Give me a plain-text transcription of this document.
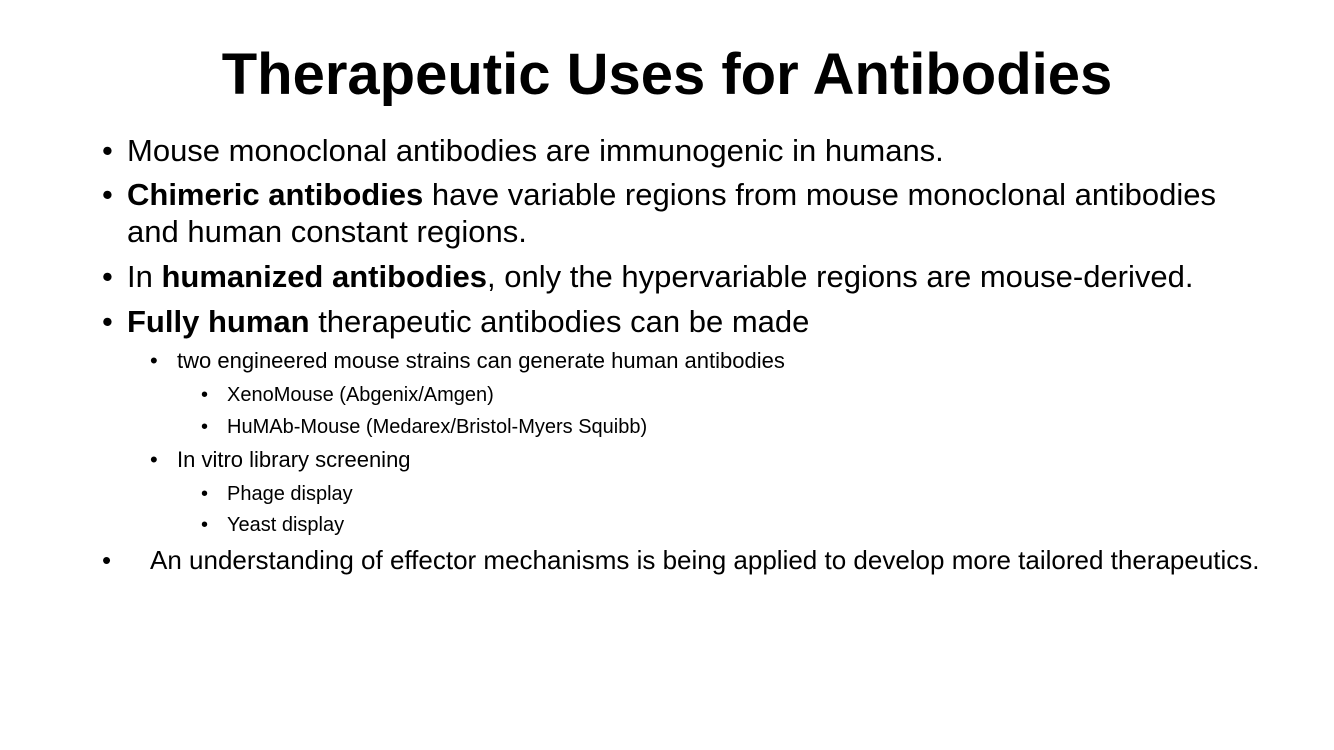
Therapeutic Uses for Antibodies
• Mouse monoclonal antibodies are immunogenic in humans.
• Chimeric antibodies have variable regions from mouse monoclonal antibodies and human constant regions.
• In humanized antibodies, only the hypervariable regions are mouse-derived.
• Fully human therapeutic antibodies can be made
• two engineered mouse strains can generate human antibodies
• XenoMouse (Abgenix/Amgen)
• HuMAb-Mouse (Medarex/Bristol-Myers Squibb)
• In vitro library screening
• Phage display
• Yeast display
• An understanding of effector mechanisms is being applied to develop more tailored therapeutics.
